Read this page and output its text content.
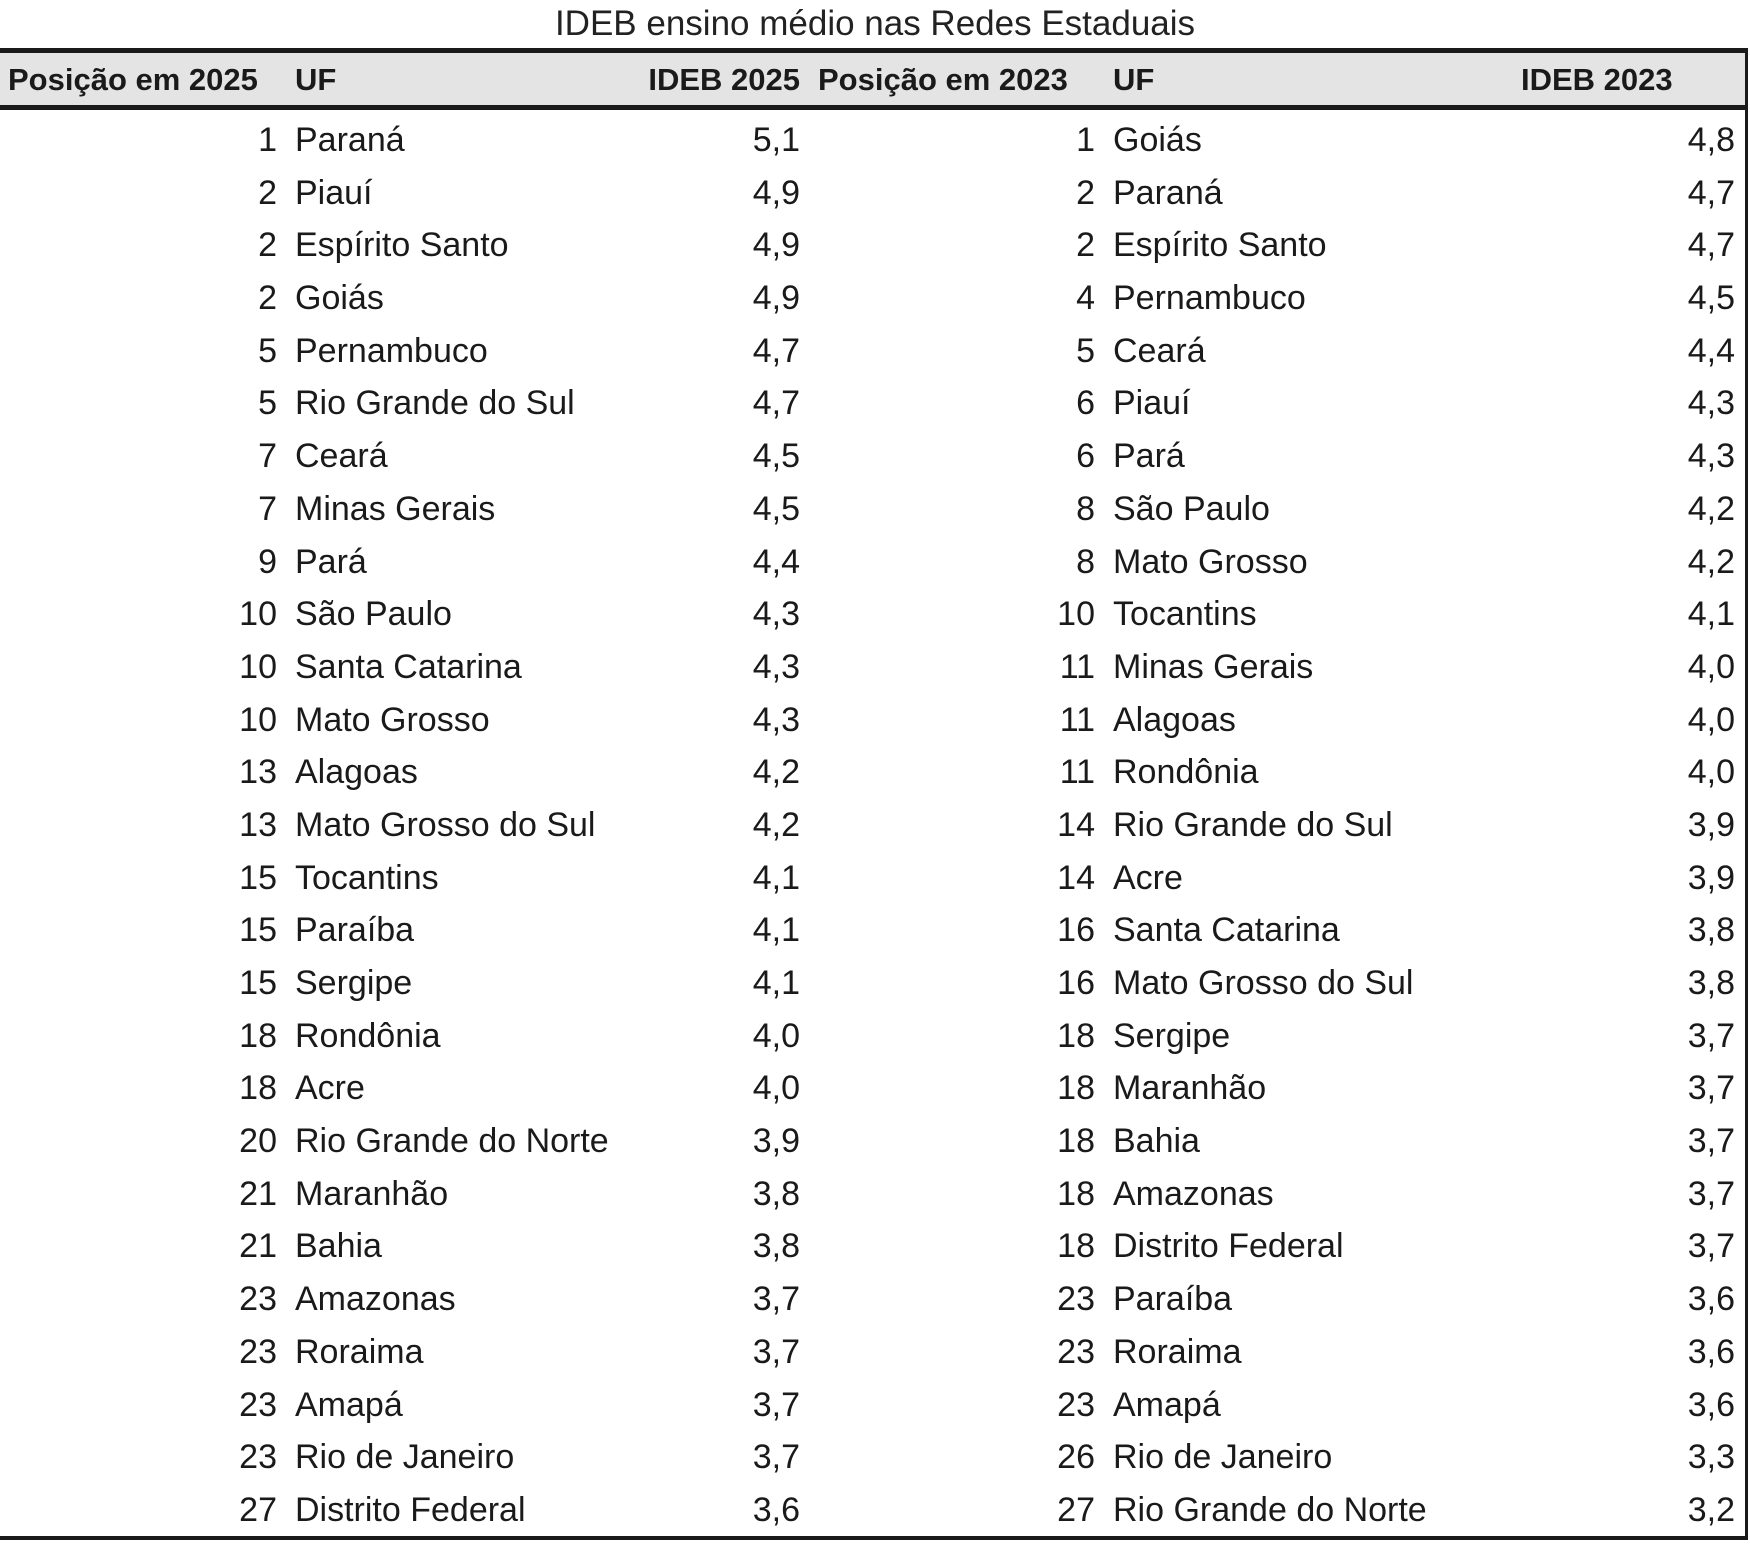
IDEB ensino médio nas Redes Estaduais
Posição em 2025 UF	IDEB 2025 Posição em 2023 UF	IDEB 2023
1 Paraná	5,1	1 Goiás	4,8
2 Piauí	4,9	2 Paraná	4,7
2 Espírito Santo	4,9	2 Espírito Santo	4,7
2 Goiás	4,9	4 Pernambuco	4,5
5 Pernambuco	4,7	5 Ceará	4,4
5 Rio Grande do Sul	4,7	6 Piauí	4,3
7 Ceará	4,5	6 Pará	4,3
7 Minas Gerais	4,5	8 São Paulo	4,2
9 Pará	4,4	8 Mato Grosso	4,2
10 São Paulo	4,3	10 Tocantins	4,1
10 Santa Catarina	4,3	11 Minas Gerais	4,0
10 Mato Grosso	4,3	11 Alagoas	4,0
13 Alagoas	4,2	11 Rondônia	4,0
13 Mato Grosso do Sul	4,2	14 Rio Grande do Sul	3,9
15 Tocantins	4,1	14 Acre	3,9
15 Paraíba	4,1	16 Santa Catarina	3,8
15 Sergipe	4,1	16 Mato Grosso do Sul	3,8
18 Rondônia	4,0	18 Sergipe	3,7
18 Acre	4,0	18 Maranhão	3,7
20 Rio Grande do Norte	3,9	18 Bahia	3,7
21 Maranhão	3,8	18 Amazonas	3,7
21 Bahia	3,8	18 Distrito Federal	3,7
23 Amazonas	3,7	23 Paraíba	3,6
23 Roraima	3,7	23 Roraima	3,6
23 Amapá	3,7	23 Amapá	3,6
23 Rio de Janeiro	3,7	26 Rio de Janeiro	3,3
27 Distrito Federal	3,6	27 Rio Grande do Norte	3,2
